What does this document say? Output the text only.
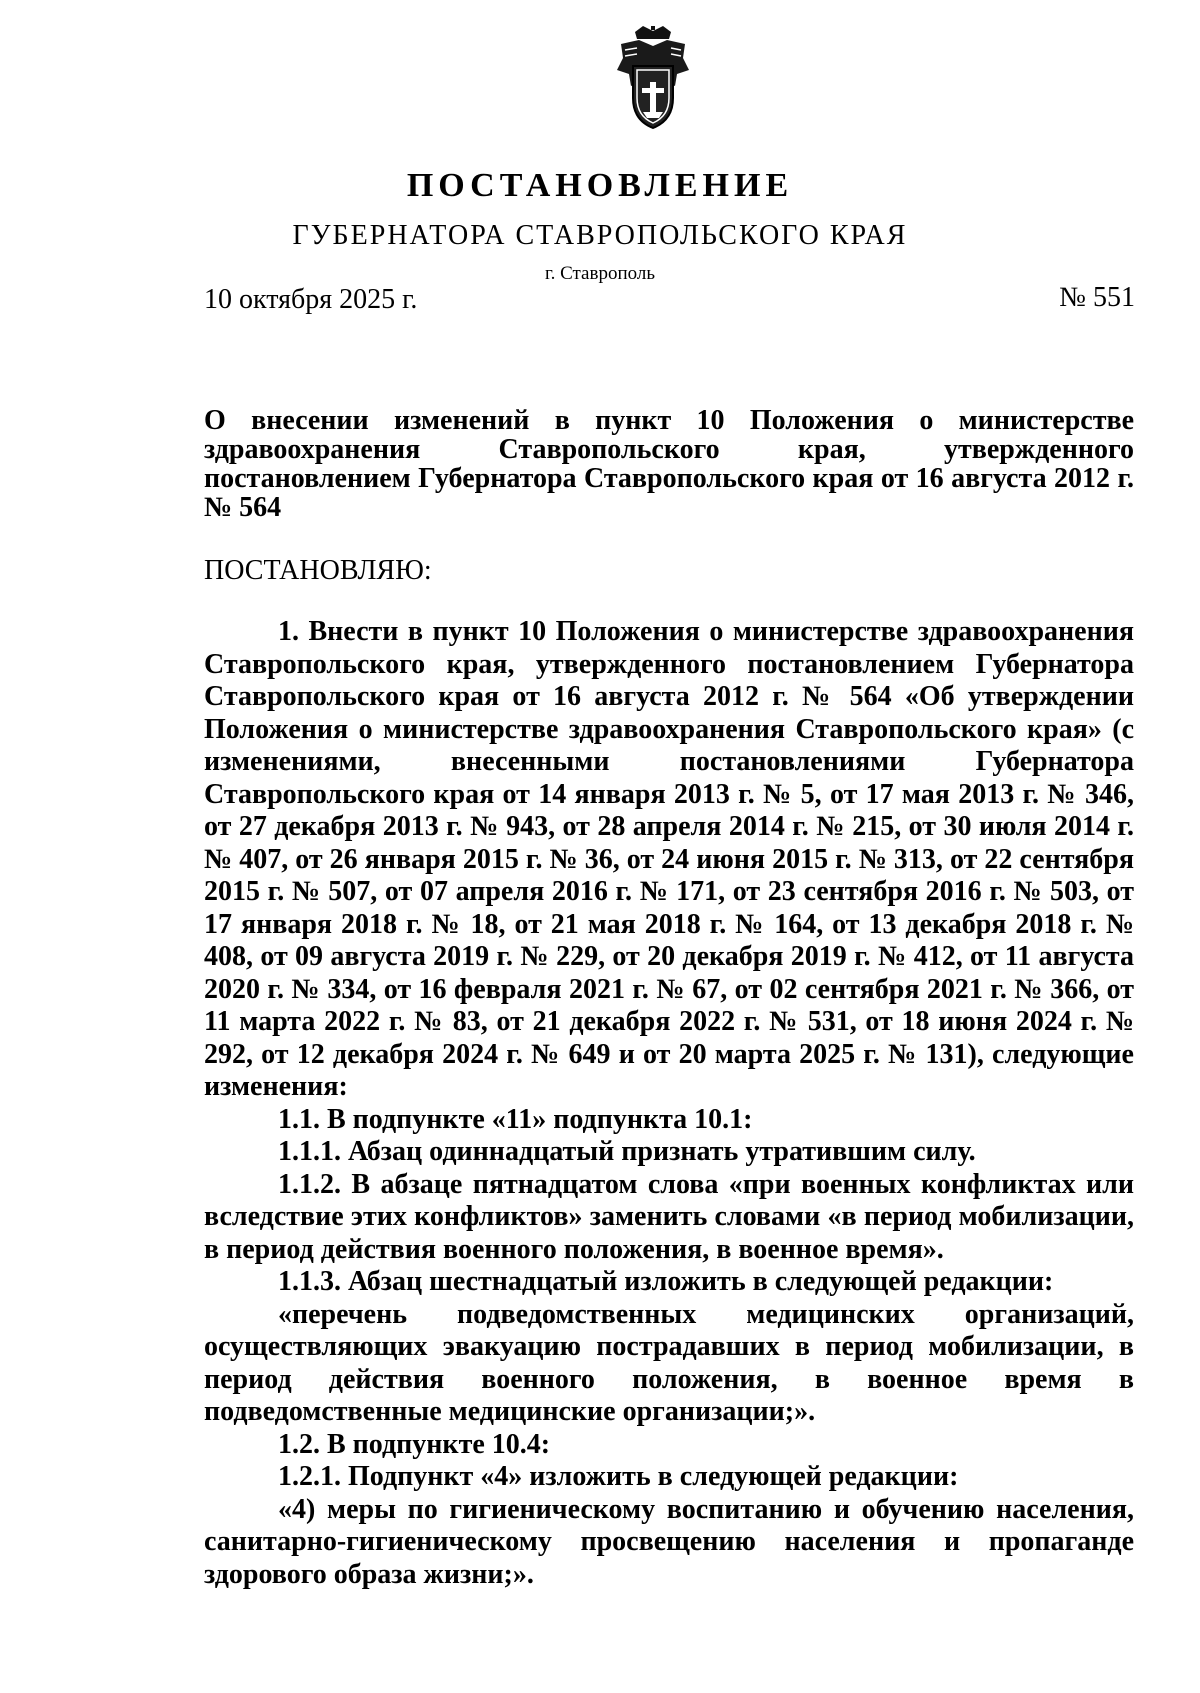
ПОСТАНОВЛЕНИЕ
ГУБЕРНАТОРА СТАВРОПОЛЬСКОГО КРАЯ
г. Ставрополь
10 октября 2025 г.	№ 551
О внесении изменений в пункт 10 Положения о министерстве здравоохранения Ставропольского края, утвержденного постановлением Губернатора Ставропольского края от 16 августа 2012 г. № 564
ПОСТАНОВЛЯЮ:

1. Внести в пункт 10 Положения о министерстве здравоохранения Ставропольского края, утвержденного постановлением Губернатора Ставропольского края от 16 августа 2012 г. № 564 «Об утверждении Положения о министерстве здравоохранения Ставропольского края» (с изменениями, внесенными постановлениями Губернатора Ставропольского края от 14 января 2013 г. № 5, от 17 мая 2013 г. № 346, от 27 декабря 2013 г. № 943, от 28 апреля 2014 г. № 215, от 30 июля 2014 г. № 407, от 26 января 2015 г. № 36, от 24 июня 2015 г. № 313, от 22 сентября 2015 г. № 507, от 07 апреля 2016 г. № 171, от 23 сентября 2016 г. № 503, от 17 января 2018 г. № 18, от 21 мая 2018 г. № 164, от 13 декабря 2018 г. № 408, от 09 августа 2019 г. № 229, от 20 декабря 2019 г. № 412, от 11 августа 2020 г. № 334, от 16 февраля 2021 г. № 67, от 02 сентября 2021 г. № 366, от 11 марта 2022 г. № 83, от 21 декабря 2022 г. № 531, от 18 июня 2024 г. № 292, от 12 декабря 2024 г. № 649 и от 20 марта 2025 г. № 131), следующие изменения:

1.1. В подпункте «11» подпункта 10.1:

1.1.1. Абзац одиннадцатый признать утратившим силу.

1.1.2. В абзаце пятнадцатом слова «при военных конфликтах или вследствие этих конфликтов» заменить словами «в период мобилизации, в период действия военного положения, в военное время».

1.1.3. Абзац шестнадцатый изложить в следующей редакции:

«перечень подведомственных медицинских организаций, осуществляющих эвакуацию пострадавших в период мобилизации, в период действия военного положения, в военное время в подведомственные медицинские организации;».

1.2. В подпункте 10.4:

1.2.1. Подпункт «4» изложить в следующей редакции:

«4) меры по гигиеническому воспитанию и обучению населения, санитарно-гигиеническому просвещению населения и пропаганде здорового образа жизни;».
